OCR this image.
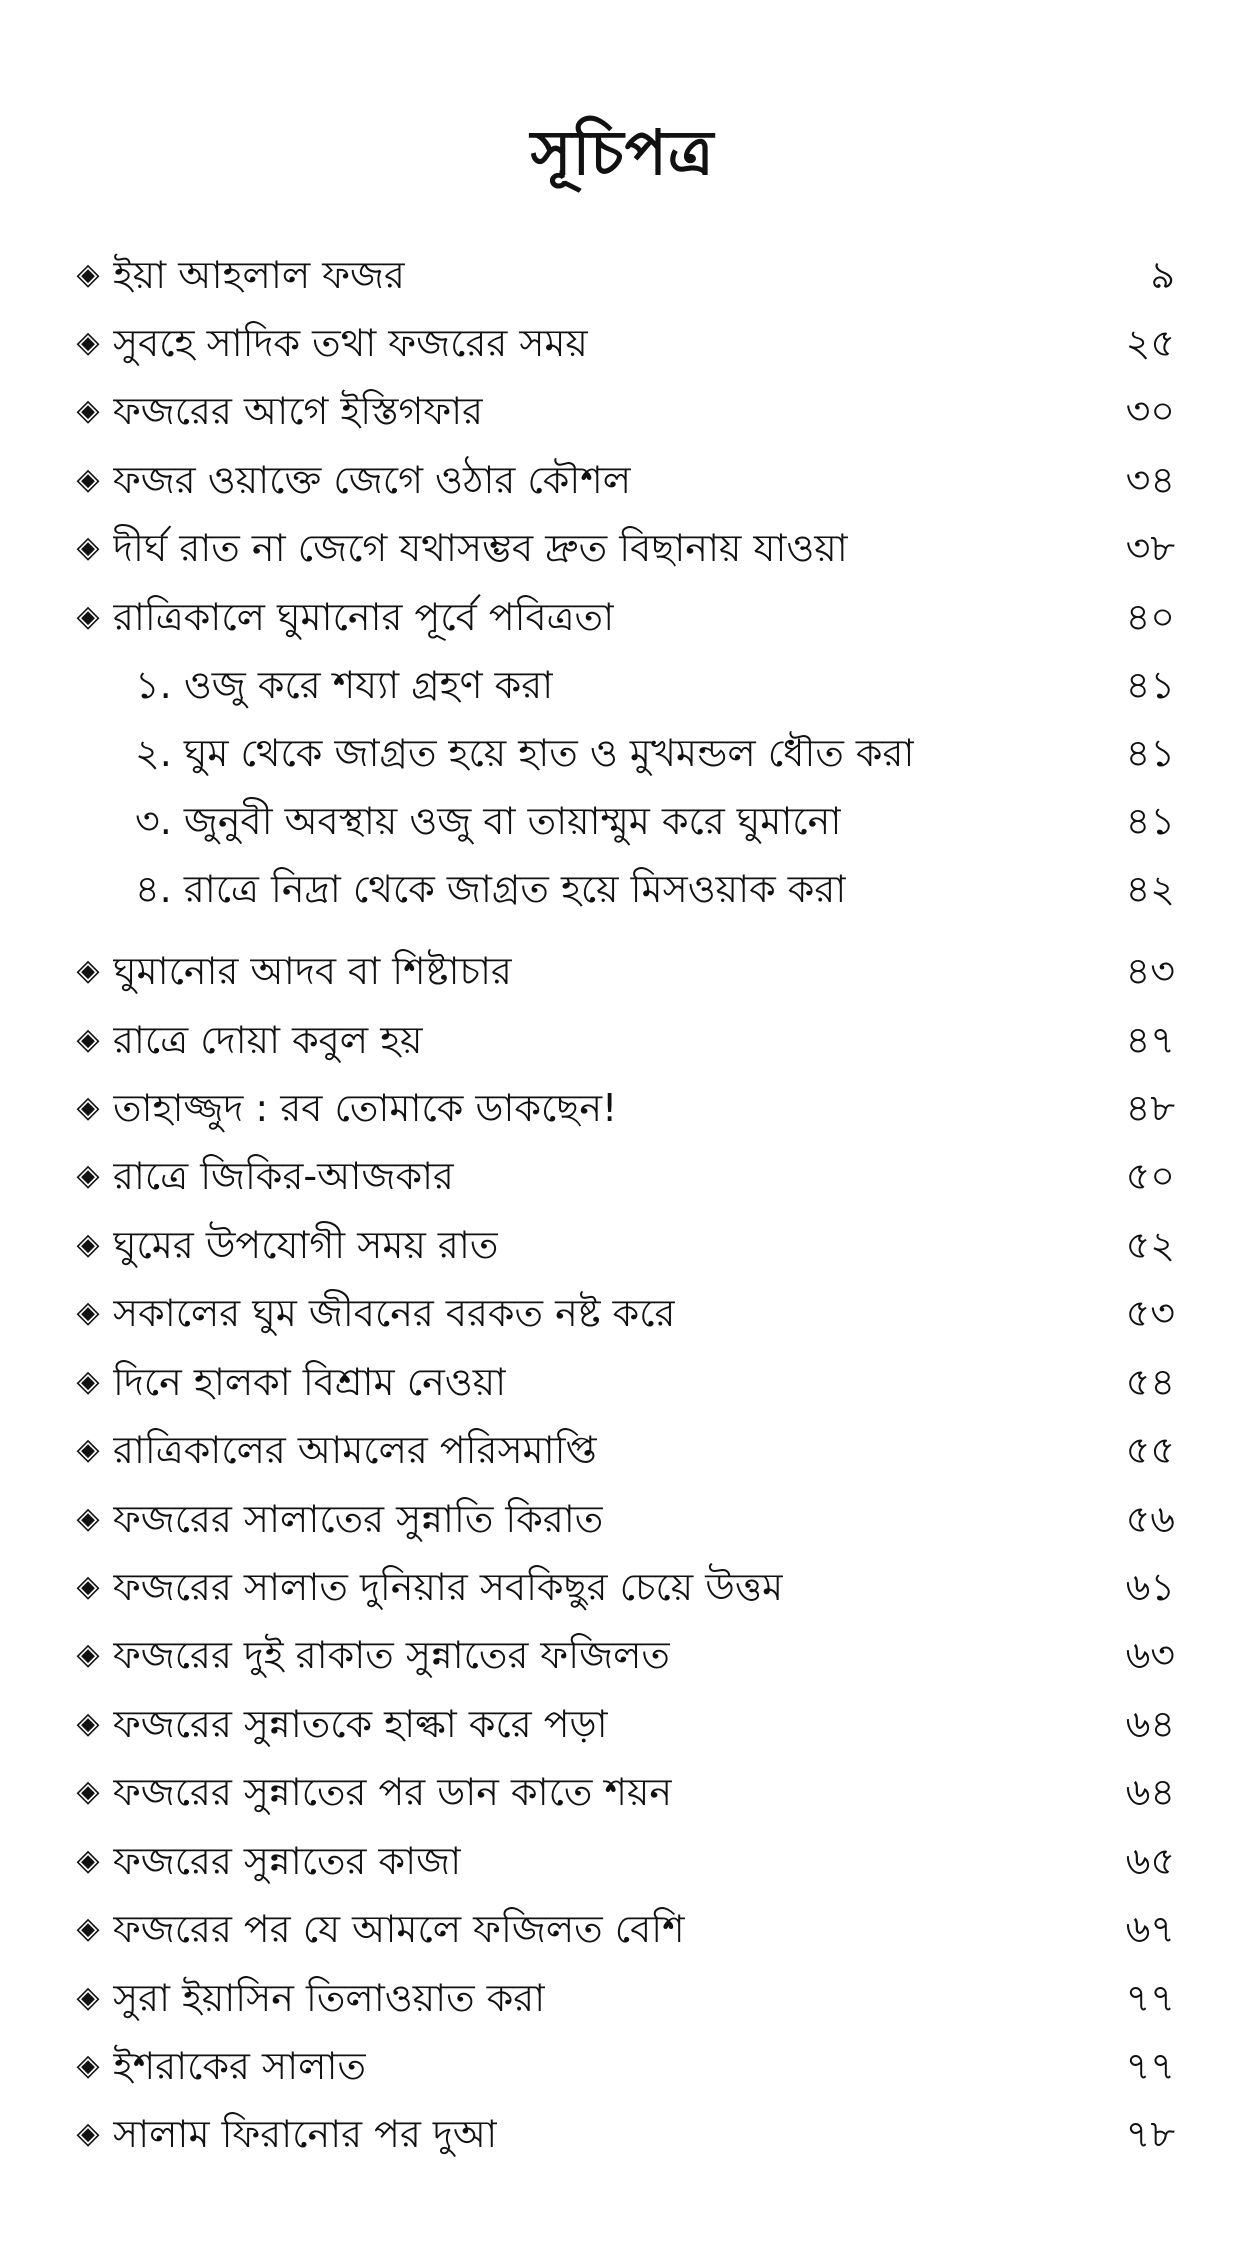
সূচিপত্র
◈ ইয়া আহলাল ফজর	৯
◈ সুবহে সাদিক তথা ফজরের সময়	২৫
◈ ফজরের আগে ইস্তিগফার	৩০
◈ ফজর ওয়াক্তে জেগে ওঠার কৌশল	৩৪
◈ দীর্ঘ রাত না জেগে যথাসম্ভব দ্রুত বিছানায় যাওয়া	৩৮
◈ রাত্রিকালে ঘুমানোর পূর্বে পবিত্রতা	৪০
১. ওজু করে শয্যা গ্রহণ করা	৪১
২. ঘুম থেকে জাগ্রত হয়ে হাত ও মুখমন্ডল ধৌত করা	৪১
৩. জুনুবী অবস্থায় ওজু বা তায়াম্মুম করে ঘুমানো	৪১
৪. রাত্রে নিদ্রা থেকে জাগ্রত হয়ে মিসওয়াক করা	৪২
◈ ঘুমানোর আদব বা শিষ্টাচার	৪৩
◈ রাত্রে দোয়া কবুল হয়	৪৭
◈ তাহাজ্জুদ : রব তোমাকে ডাকছেন!	৪৮
◈ রাত্রে জিকির-আজকার	৫০
◈ ঘুমের উপযোগী সময় রাত	৫২
◈ সকালের ঘুম জীবনের বরকত নষ্ট করে	৫৩
◈ দিনে হালকা বিশ্রাম নেওয়া	৫৪
◈ রাত্রিকালের আমলের পরিসমাপ্তি	৫৫
◈ ফজরের সালাতের সুন্নাতি কিরাত	৫৬
◈ ফজরের সালাত দুনিয়ার সবকিছুর চেয়ে উত্তম	৬১
◈ ফজরের দুই রাকাত সুন্নাতের ফজিলত	৬৩
◈ ফজরের সুন্নাতকে হাল্কা করে পড়া	৬৪
◈ ফজরের সুন্নাতের পর ডান কাতে শয়ন	৬৪
◈ ফজরের সুন্নাতের কাজা	৬৫
◈ ফজরের পর যে আমলে ফজিলত বেশি	৬৭
◈ সুরা ইয়াসিন তিলাওয়াত করা	৭৭
◈ ইশরাকের সালাত	৭৭
◈ সালাম ফিরানোর পর দুআ	৭৮
